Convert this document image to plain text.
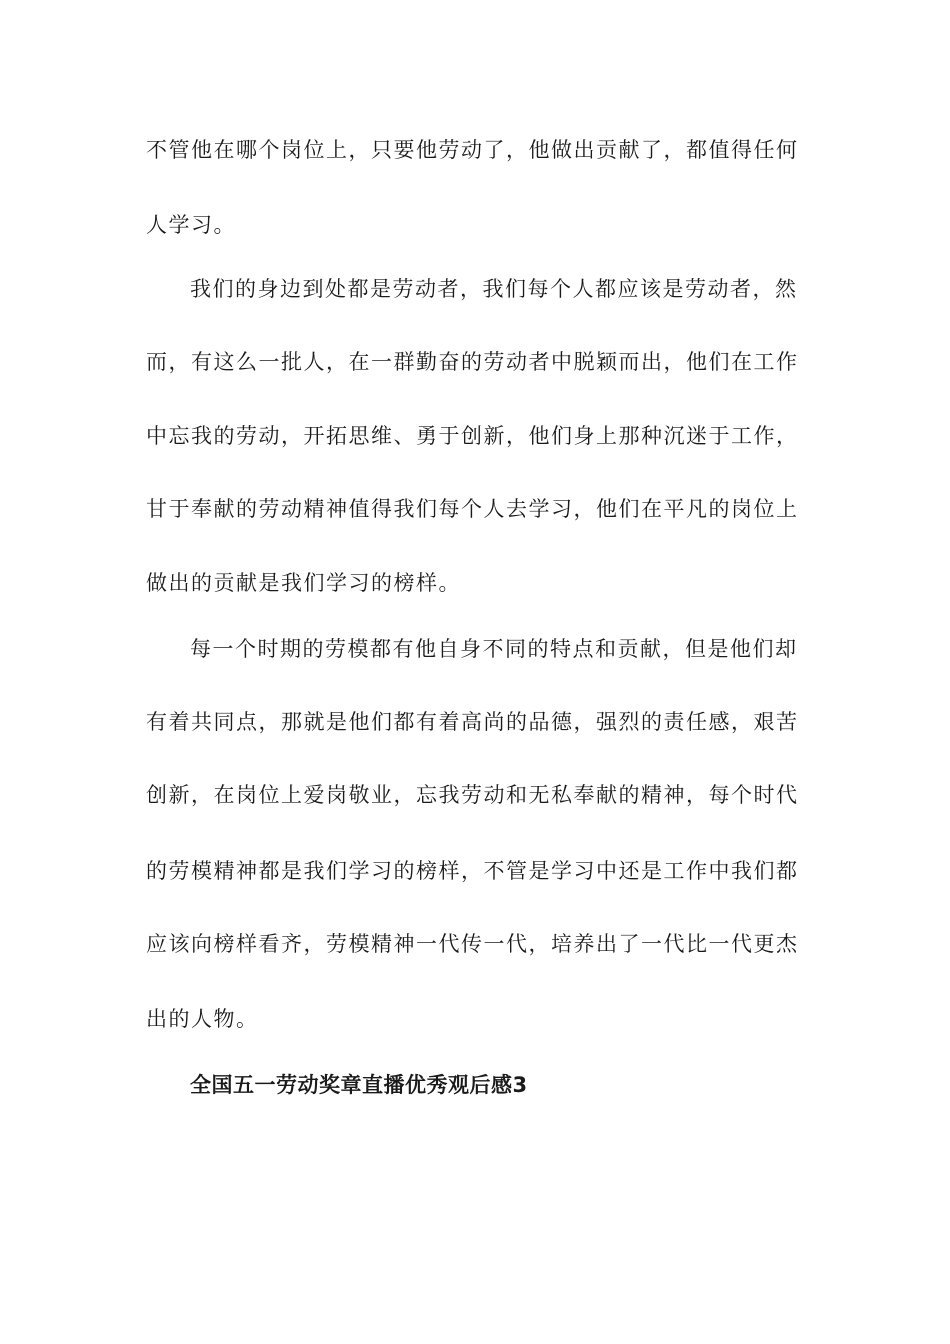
不管他在哪个岗位上，只要他劳动了，他做出贡献了，都值得任何
人学习。
我们的身边到处都是劳动者，我们每个人都应该是劳动者，然
而，有这么一批人，在一群勤奋的劳动者中脱颖而出，他们在工作
中忘我的劳动，开拓思维、勇于创新，他们身上那种沉迷于工作，
甘于奉献的劳动精神值得我们每个人去学习，他们在平凡的岗位上
做出的贡献是我们学习的榜样。
每一个时期的劳模都有他自身不同的特点和贡献，但是他们却
有着共同点，那就是他们都有着高尚的品德，强烈的责任感，艰苦
创新，在岗位上爱岗敬业，忘我劳动和无私奉献的精神，每个时代
的劳模精神都是我们学习的榜样，不管是学习中还是工作中我们都
应该向榜样看齐，劳模精神一代传一代，培养出了一代比一代更杰
出的人物。
全国五一劳动奖章直播优秀观后感3
